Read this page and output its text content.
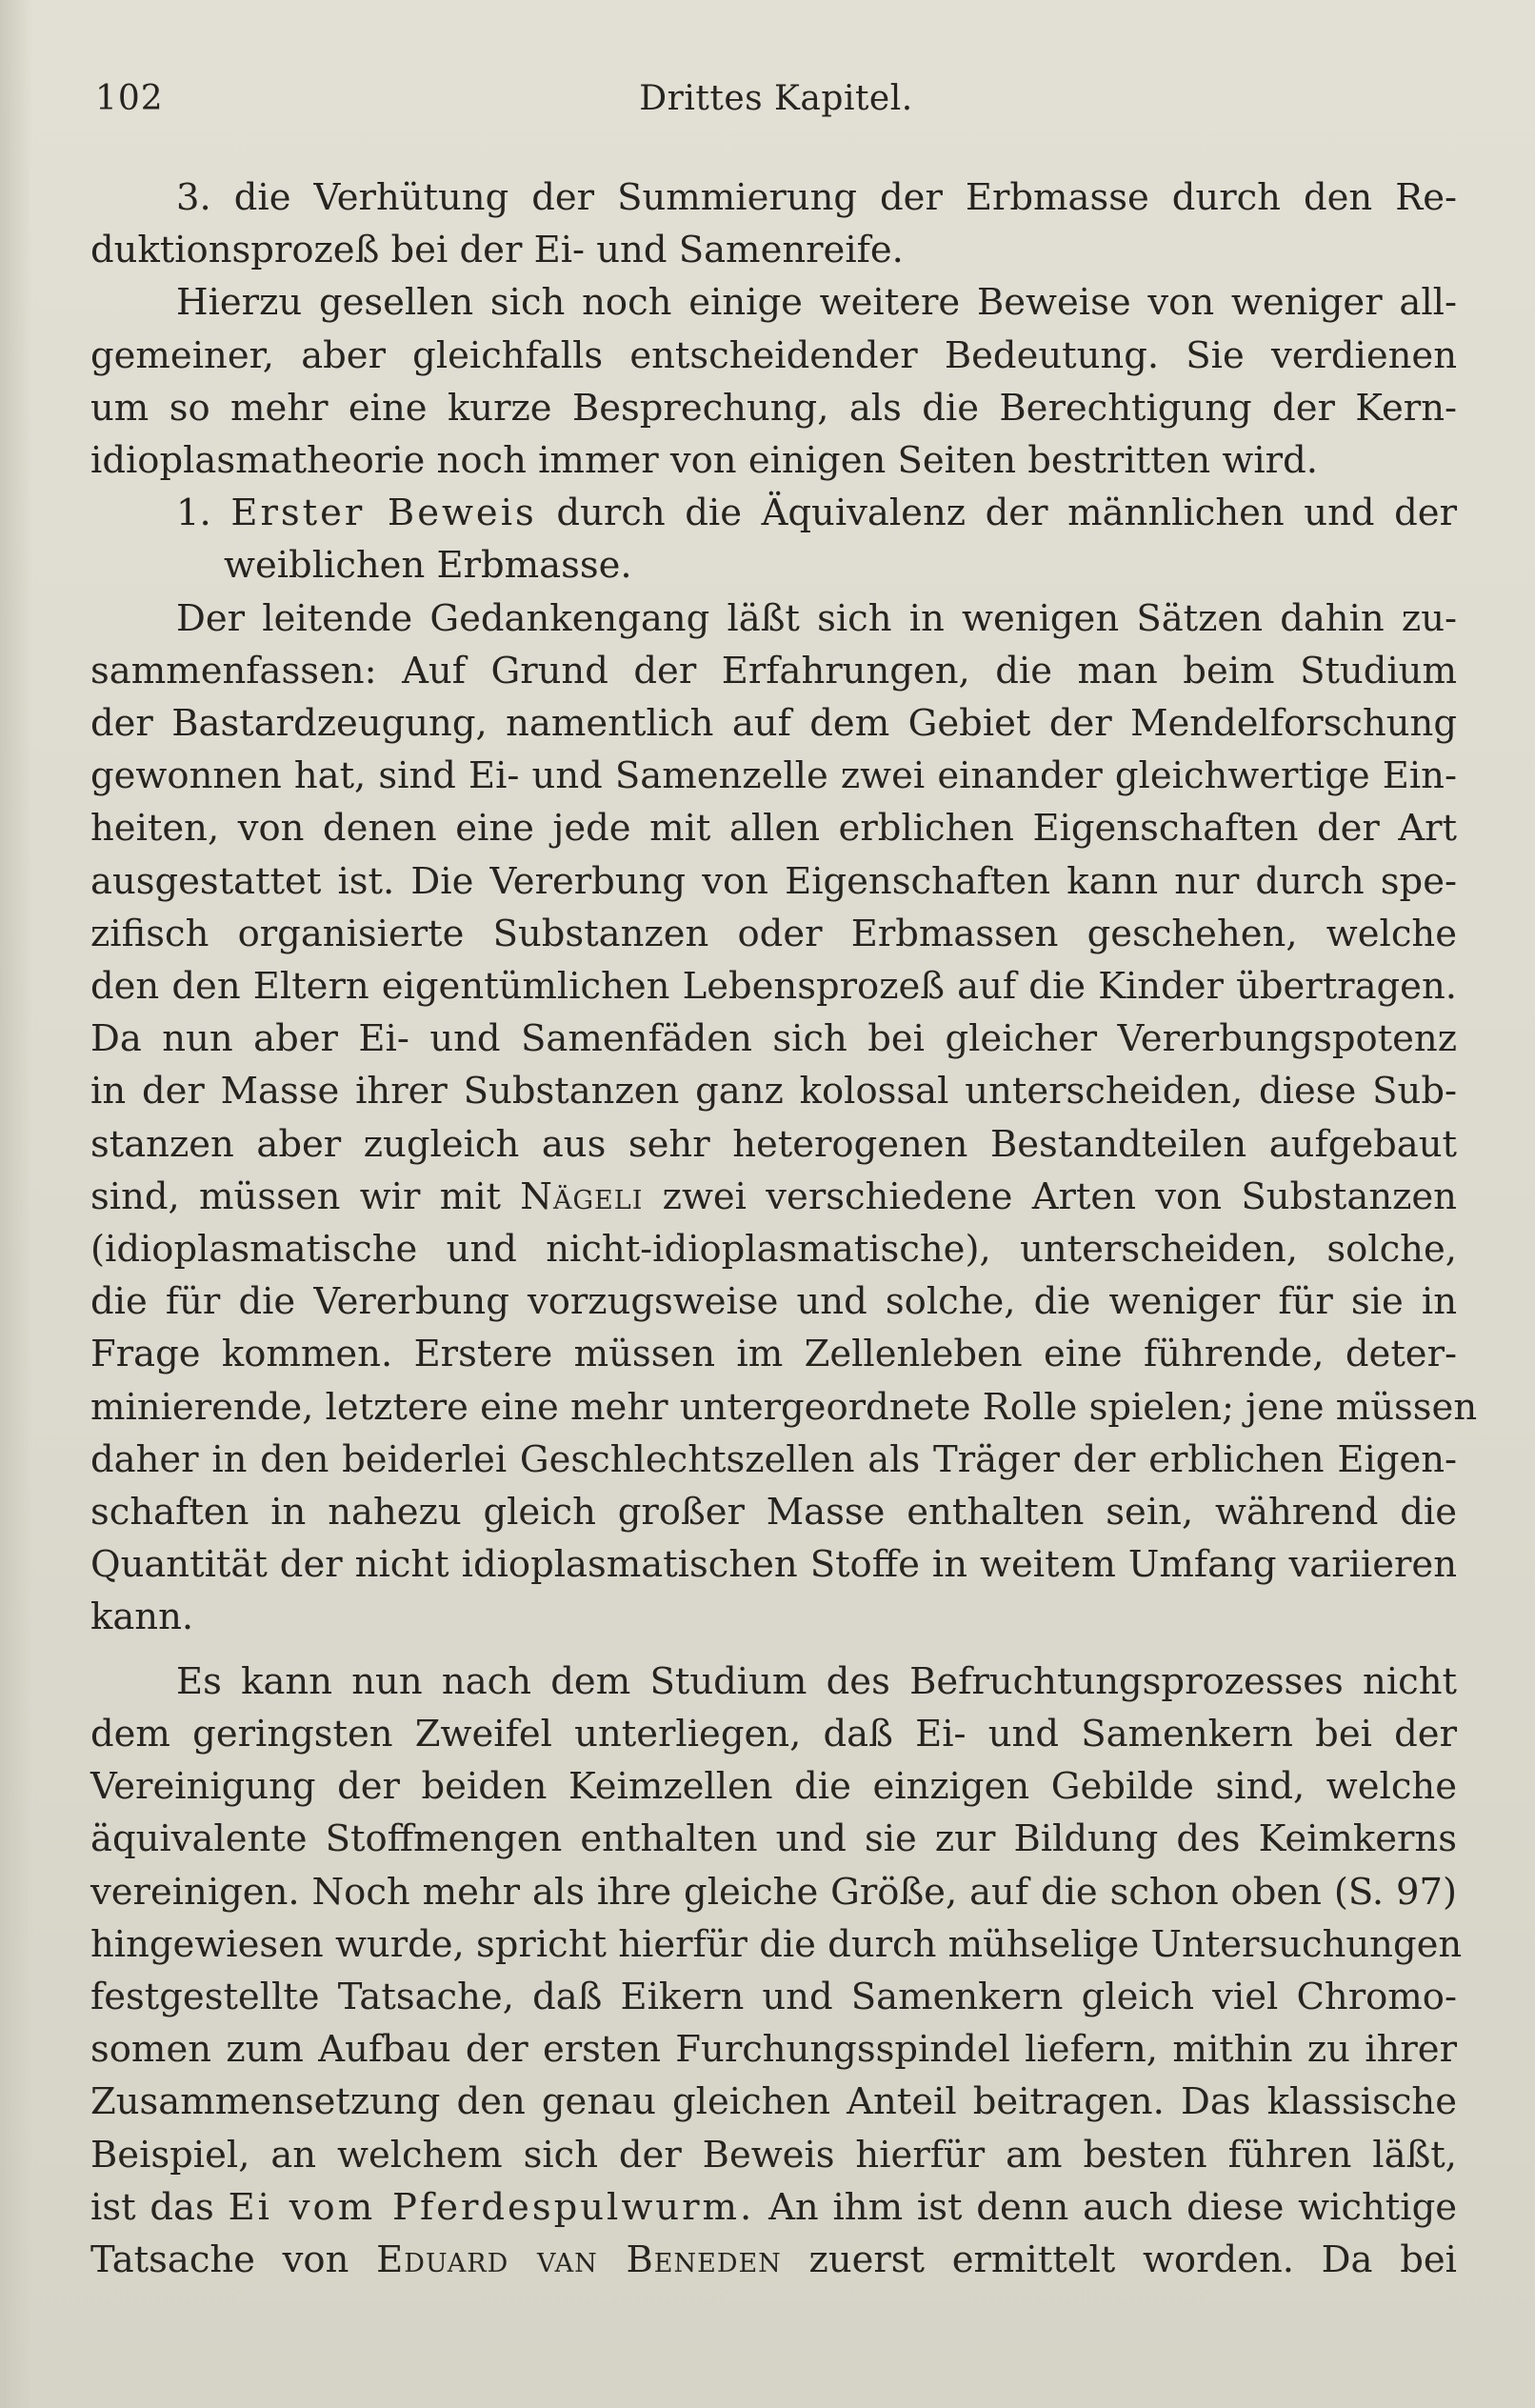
102	Drittes Kapitel.
3. die Verhütung der Summierung der Erbmasse durch den Re-
duktionsprozeß bei der Ei- und Samenreife.
Hierzu gesellen sich noch einige weitere Beweise von weniger all-
gemeiner, aber gleichfalls entscheidender Bedeutung. Sie verdienen
um so mehr eine kurze Besprechung, als die Berechtigung der Kern-
idioplasmatheorie noch immer von einigen Seiten bestritten wird.
1. Erster Beweis durch die Äquivalenz der männlichen und der
weiblichen Erbmasse.
Der leitende Gedankengang läßt sich in wenigen Sätzen dahin zu-
sammenfassen: Auf Grund der Erfahrungen, die man beim Studium
der Bastardzeugung, namentlich auf dem Gebiet der Mendelforschung
gewonnen hat, sind Ei- und Samenzelle zwei einander gleichwertige Ein-
heiten, von denen eine jede mit allen erblichen Eigenschaften der Art
ausgestattet ist. Die Vererbung von Eigenschaften kann nur durch spe-
zifisch organisierte Substanzen oder Erbmassen geschehen, welche
den den Eltern eigentümlichen Lebensprozeß auf die Kinder übertragen.
Da nun aber Ei- und Samenfäden sich bei gleicher Vererbungspotenz
in der Masse ihrer Substanzen ganz kolossal unterscheiden, diese Sub-
stanzen aber zugleich aus sehr heterogenen Bestandteilen aufgebaut
sind, müssen wir mit Nägeli zwei verschiedene Arten von Substanzen
(idioplasmatische und nicht-idioplasmatische), unterscheiden, solche,
die für die Vererbung vorzugsweise und solche, die weniger für sie in
Frage kommen. Erstere müssen im Zellenleben eine führende, deter-
minierende, letztere eine mehr untergeordnete Rolle spielen; jene müssen
daher in den beiderlei Geschlechtszellen als Träger der erblichen Eigen-
schaften in nahezu gleich großer Masse enthalten sein, während die
Quantität der nicht idioplasmatischen Stoffe in weitem Umfang variieren
kann.
Es kann nun nach dem Studium des Befruchtungsprozesses nicht
dem geringsten Zweifel unterliegen, daß Ei- und Samenkern bei der
Vereinigung der beiden Keimzellen die einzigen Gebilde sind, welche
äquivalente Stoffmengen enthalten und sie zur Bildung des Keimkerns
vereinigen. Noch mehr als ihre gleiche Größe, auf die schon oben (S. 97)
hingewiesen wurde, spricht hierfür die durch mühselige Untersuchungen
festgestellte Tatsache, daß Eikern und Samenkern gleich viel Chromo-
somen zum Aufbau der ersten Furchungsspindel liefern, mithin zu ihrer
Zusammensetzung den genau gleichen Anteil beitragen. Das klassische
Beispiel, an welchem sich der Beweis hierfür am besten führen läßt,
ist das Ei vom Pferdespulwurm. An ihm ist denn auch diese wichtige
Tatsache von Eduard van Beneden zuerst ermittelt worden. Da bei
